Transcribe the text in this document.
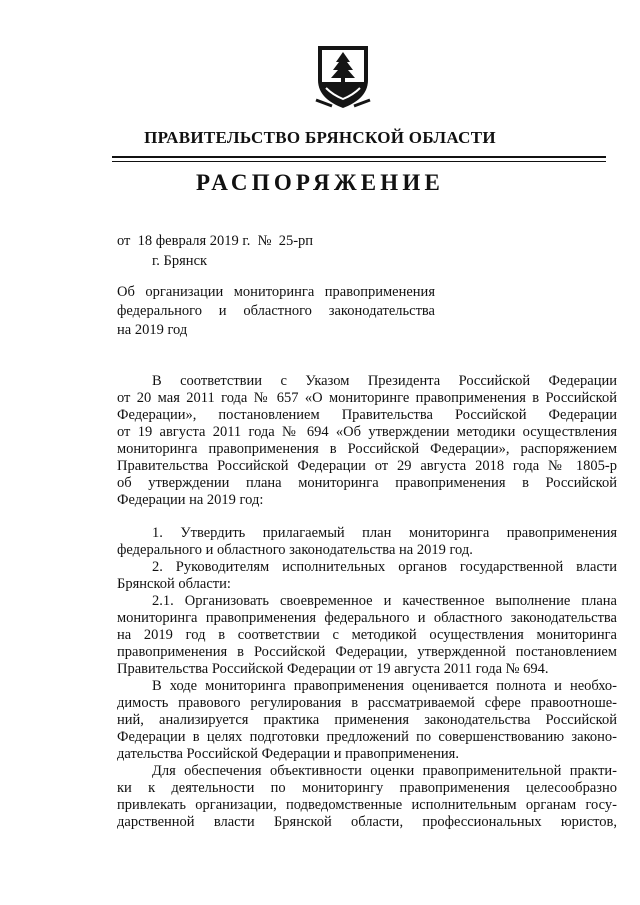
ПРАВИТЕЛЬСТВО БРЯНСКОЙ ОБЛАСТИ
РАСПОРЯЖЕНИЕ
от  18 февраля 2019 г.  №  25-рп
г. Брянск
Об организации мониторинга правоприменения
федерального и областного законодательства
на 2019 год
В соответствии с Указом Президента Российской Федерации
от 20 мая 2011 года № 657 «О мониторинге правоприменения в Российской
Федерации», постановлением Правительства Российской Федерации
от 19 августа 2011 года № 694 «Об утверждении методики осуществления
мониторинга правоприменения в Российской Федерации», распоряжением
Правительства Российской Федерации от 29 августа 2018 года № 1805-р
об утверждении плана мониторинга правоприменения в Российской
Федерации на 2019 год:
1. Утвердить прилагаемый план мониторинга правоприменения
федерального и областного законодательства на 2019 год.
2. Руководителям исполнительных органов государственной власти
Брянской области:
2.1. Организовать своевременное и качественное выполнение плана
мониторинга правоприменения федерального и областного законодательства
на 2019 год в соответствии с методикой осуществления мониторинга
правоприменения в Российской Федерации, утвержденной постановлением
Правительства Российской Федерации от 19 августа 2011 года № 694.
В ходе мониторинга правоприменения оценивается полнота и необхо-
димость правового регулирования в рассматриваемой сфере правоотноше-
ний, анализируется практика применения законодательства Российской
Федерации в целях подготовки предложений по совершенствованию законо-
дательства Российской Федерации и правоприменения.
Для обеспечения объективности оценки правоприменительной практи-
ки к деятельности по мониторингу правоприменения целесообразно
привлекать организации, подведомственные исполнительным органам госу-
дарственной власти Брянской области, профессиональных юристов,
